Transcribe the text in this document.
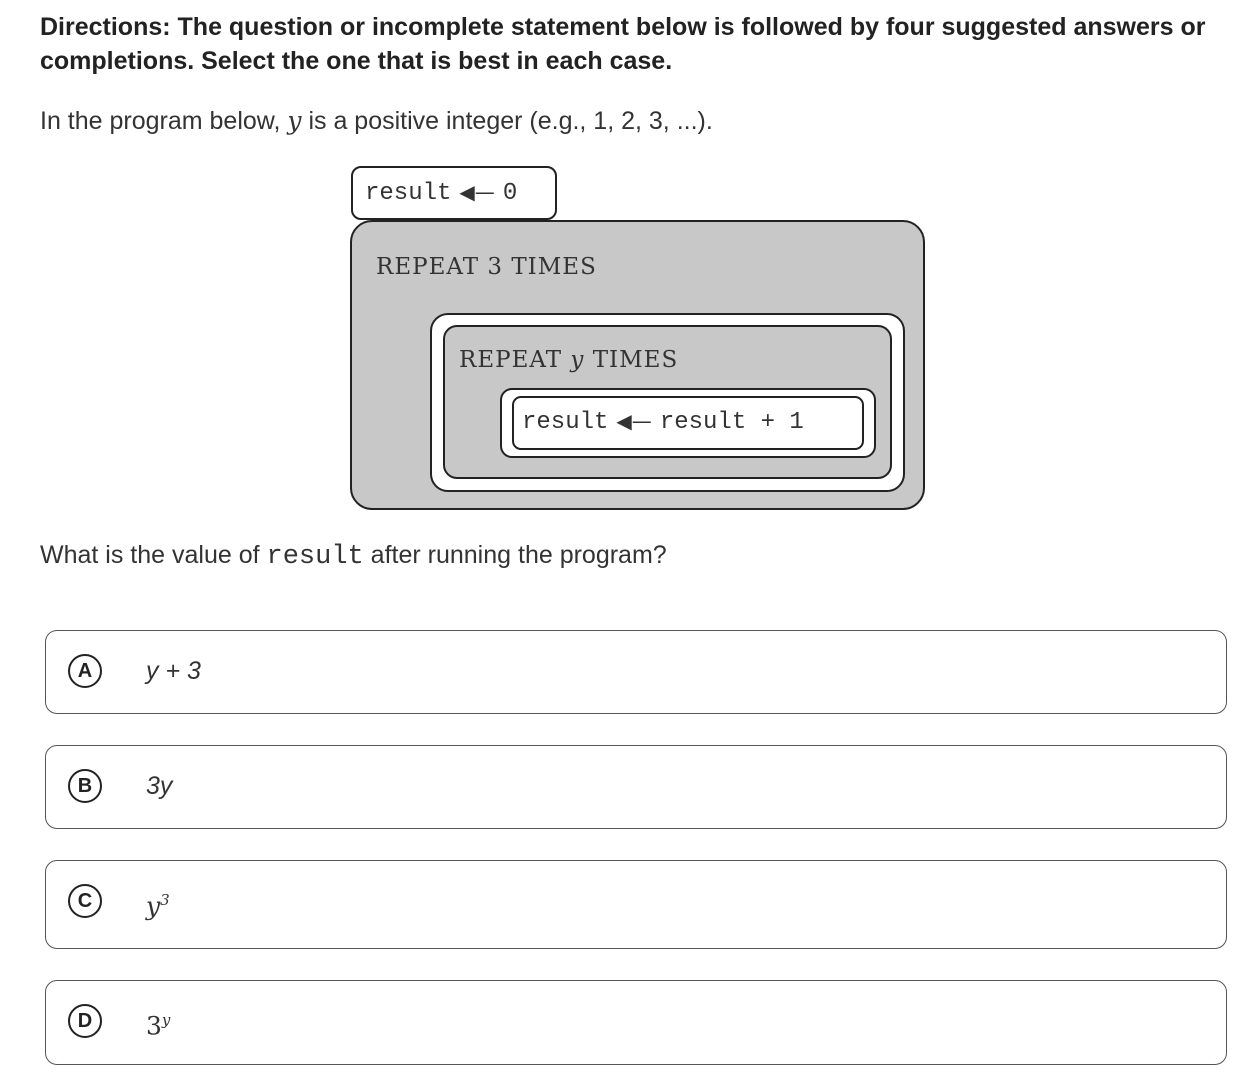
Directions: The question or incomplete statement below is followed by four suggested answers or completions. Select the one that is best in each case.
In the program below, y is a positive integer (e.g., 1, 2, 3, ...).
result ◀— 0
REPEAT 3 TIMES
REPEAT y TIMES
result ◀— result + 1
What is the value of result after running the program?
A	y + 3
B	3y
C	$y^3$
D	3$^y$
